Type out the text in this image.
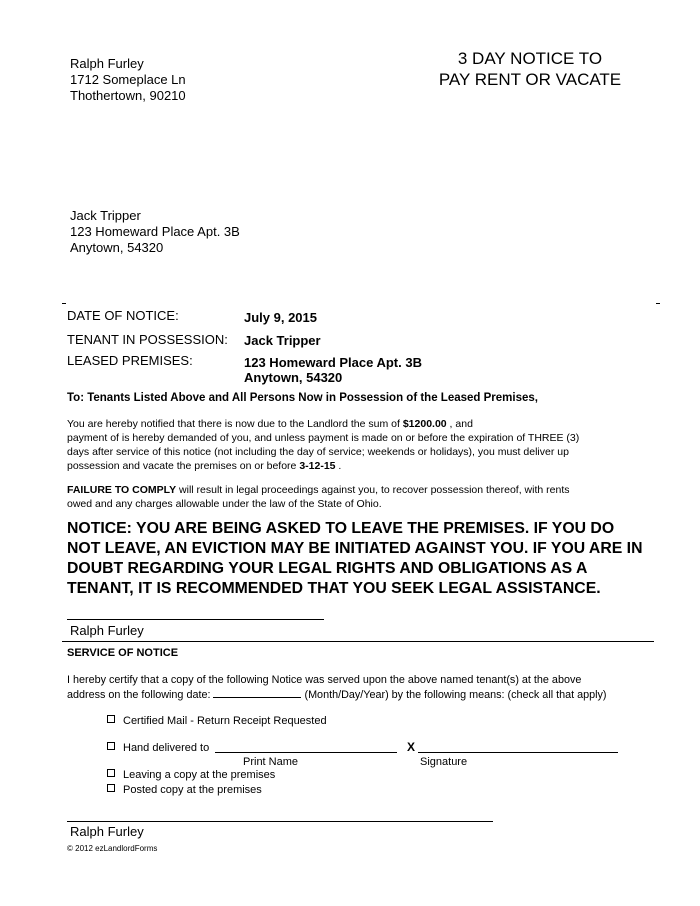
Ralph Furley
1712 Someplace Ln
Thothertown, 90210
3 DAY NOTICE TO
PAY RENT OR VACATE
Jack Tripper
123 Homeward Place Apt. 3B
Anytown, 54320
DATE OF NOTICE:	July 9, 2015
TENANT IN POSSESSION: Jack Tripper
LEASED PREMISES:	123 Homeward Place Apt. 3B
Anytown, 54320
To: Tenants Listed Above and All Persons Now in Possession of the Leased Premises,
You are hereby notified that there is now due to the Landlord the sum of $1200.00 , and
payment of is hereby demanded of you, and unless payment is made on or before the expiration of THREE (3)
days after service of this notice (not including the day of service; weekends or holidays), you must deliver up
possession and vacate the premises on or before 3-12-15 .
FAILURE TO COMPLY will result in legal proceedings against you, to recover possession thereof, with rents
owed and any charges allowable under the law of the State of Ohio.
NOTICE: YOU ARE BEING ASKED TO LEAVE THE PREMISES. IF YOU DO NOT LEAVE, AN EVICTION MAY BE INITIATED AGAINST YOU. IF YOU ARE IN DOUBT REGARDING YOUR LEGAL RIGHTS AND OBLIGATIONS AS A TENANT, IT IS RECOMMENDED THAT YOU SEEK LEGAL ASSISTANCE.
Ralph Furley
SERVICE OF NOTICE
I hereby certify that a copy of the following Notice was served upon the above named tenant(s) at the above
address on the following date:	(Month/Day/Year) by the following means: (check all that apply)
Certified Mail - Return Receipt Requested
Hand delivered to	X
Print Name	Signature
Leaving a copy at the premises
Posted copy at the premises
Ralph Furley
© 2012 ezLandlordForms
